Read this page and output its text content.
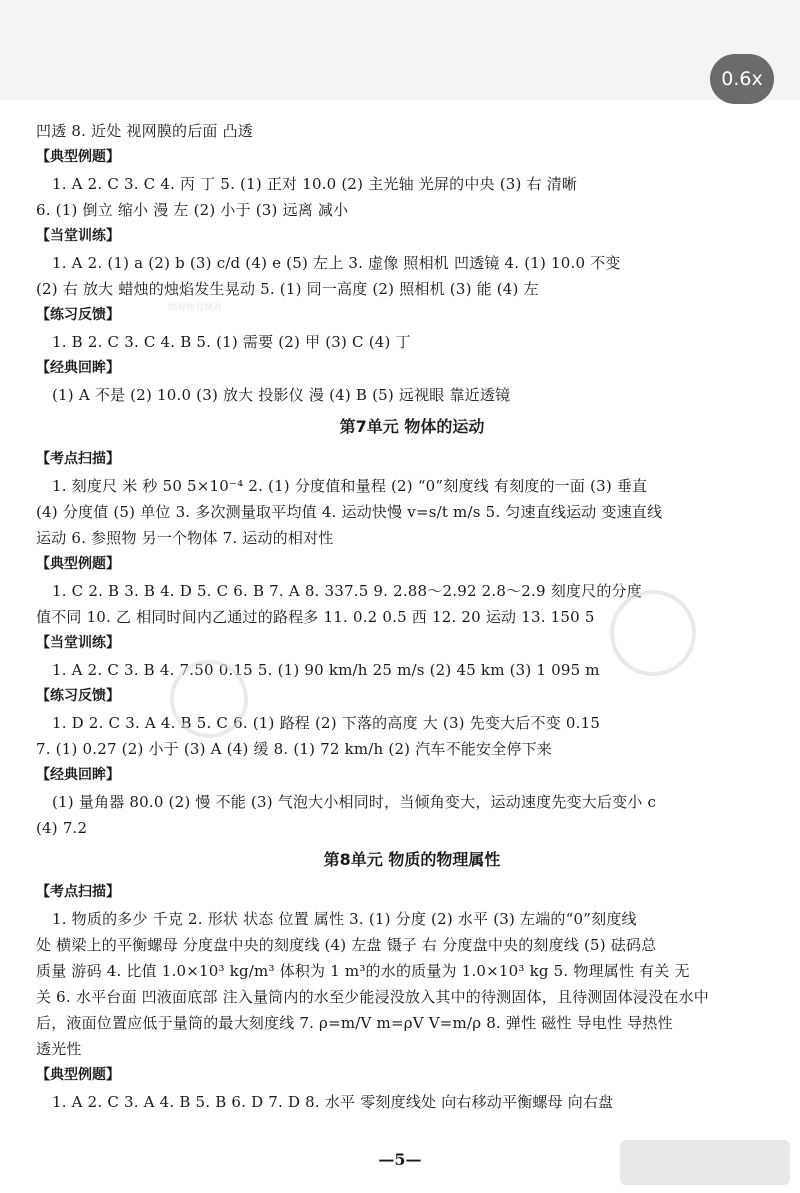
0.6x
凹透 8. 近处 视网膜的后面 凸透
【典型例题】
1. A 2. C 3. C 4. 丙 丁 5. (1) 正对 10.0 (2) 主光轴 光屏的中央 (3) 右 清晰
6. (1) 倒立 缩小 漫 左 (2) 小于 (3) 远离 减小
【当堂训练】
1. A 2. (1) a (2) b (3) c/d (4) e (5) 左上 3. 虚像 照相机 凹透镜 4. (1) 10.0 不变
(2) 右 放大 蜡烛的烛焰发生晃动 5. (1) 同一高度 (2) 照相机 (3) 能 (4) 左
【练习反馈】
1. B 2. C 3. C 4. B 5. (1) 需要 (2) 甲 (3) C (4) 丁
【经典回眸】
(1) A 不是 (2) 10.0 (3) 放大 投影仪 漫 (4) B (5) 远视眼 靠近透镜
第7单元 物体的运动
【考点扫描】
1. 刻度尺 米 秒 50 5×10⁻⁴ 2. (1) 分度值和量程 (2) “0”刻度线 有刻度的一面 (3) 垂直
(4) 分度值 (5) 单位 3. 多次测量取平均值 4. 运动快慢 v=s/t m/s 5. 匀速直线运动 变速直线
运动 6. 参照物 另一个物体 7. 运动的相对性
【典型例题】
1. C 2. B 3. B 4. D 5. C 6. B 7. A 8. 337.5 9. 2.88～2.92 2.8～2.9 刻度尺的分度
值不同 10. 乙 相同时间内乙通过的路程多 11. 0.2 0.5 西 12. 20 运动 13. 150 5
【当堂训练】
1. A 2. C 3. B 4. 7.50 0.15 5. (1) 90 km/h 25 m/s (2) 45 km (3) 1 095 m
【练习反馈】
1. D 2. C 3. A 4. B 5. C 6. (1) 路程 (2) 下落的高度 大 (3) 先变大后不变 0.15
7. (1) 0.27 (2) 小于 (3) A (4) 缓 8. (1) 72 km/h (2) 汽车不能安全停下来
【经典回眸】
(1) 量角器 80.0 (2) 慢 不能 (3) 气泡大小相同时，当倾角变大，运动速度先变大后变小 c
(4) 7.2
第8单元 物质的物理属性
【考点扫描】
1. 物质的多少 千克 2. 形状 状态 位置 属性 3. (1) 分度 (2) 水平 (3) 左端的“0”刻度线
处 横梁上的平衡螺母 分度盘中央的刻度线 (4) 左盘 镊子 右 分度盘中央的刻度线 (5) 砝码总
质量 游码 4. 比值 1.0×10³ kg/m³ 体积为 1 m³的水的质量为 1.0×10³ kg 5. 物理属性 有关 无
关 6. 水平台面 凹液面底部 注入量筒内的水至少能浸没放入其中的待测固体，且待测固体浸没在水中
后，液面位置应低于量筒的最大刻度线 7. ρ=m/V m=ρV V=m/ρ 8. 弹性 磁性 导电性 导热性
透光性
【典型例题】
1. A 2. C 3. A 4. B 5. B 6. D 7. D 8. 水平 零刻度线处 向右移动平衡螺母 向右盘
快对快对快对
—5—
